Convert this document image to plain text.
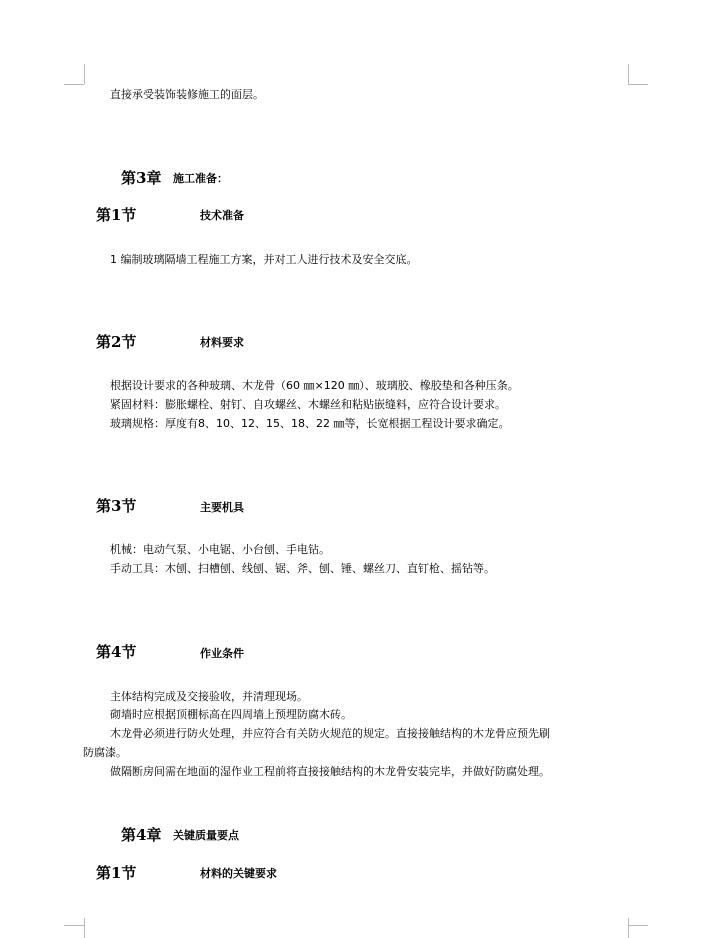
直接承受装饰装修施工的面层。
第3章 施工准备：
第1节	技术准备
1 编制玻璃隔墙工程施工方案，并对工人进行技术及安全交底。
第2节	材料要求
根据设计要求的各种玻璃、木龙骨（60 ㎜×120 ㎜）、玻璃胶、橡胶垫和各种压条。
紧固材料：膨胀螺栓、射钉、自攻螺丝、木螺丝和粘贴嵌缝料，应符合设计要求。
玻璃规格：厚度有8、10、12、15、18、22 ㎜等，长宽根据工程设计要求确定。
第3节	主要机具
机械：电动气泵、小电锯、小台刨、手电钻。
手动工具：木刨、扫槽刨、线刨、锯、斧、刨、锤、螺丝刀、直钉枪、摇钻等。
第4节	作业条件
主体结构完成及交接验收，并清理现场。
砌墙时应根据顶棚标高在四周墙上预埋防腐木砖。
木龙骨必须进行防火处理，并应符合有关防火规范的规定。直接接触结构的木龙骨应预先刷
防腐漆。
做隔断房间需在地面的湿作业工程前将直接接触结构的木龙骨安装完毕，并做好防腐处理。
第4章 关键质量要点
第1节	材料的关键要求
